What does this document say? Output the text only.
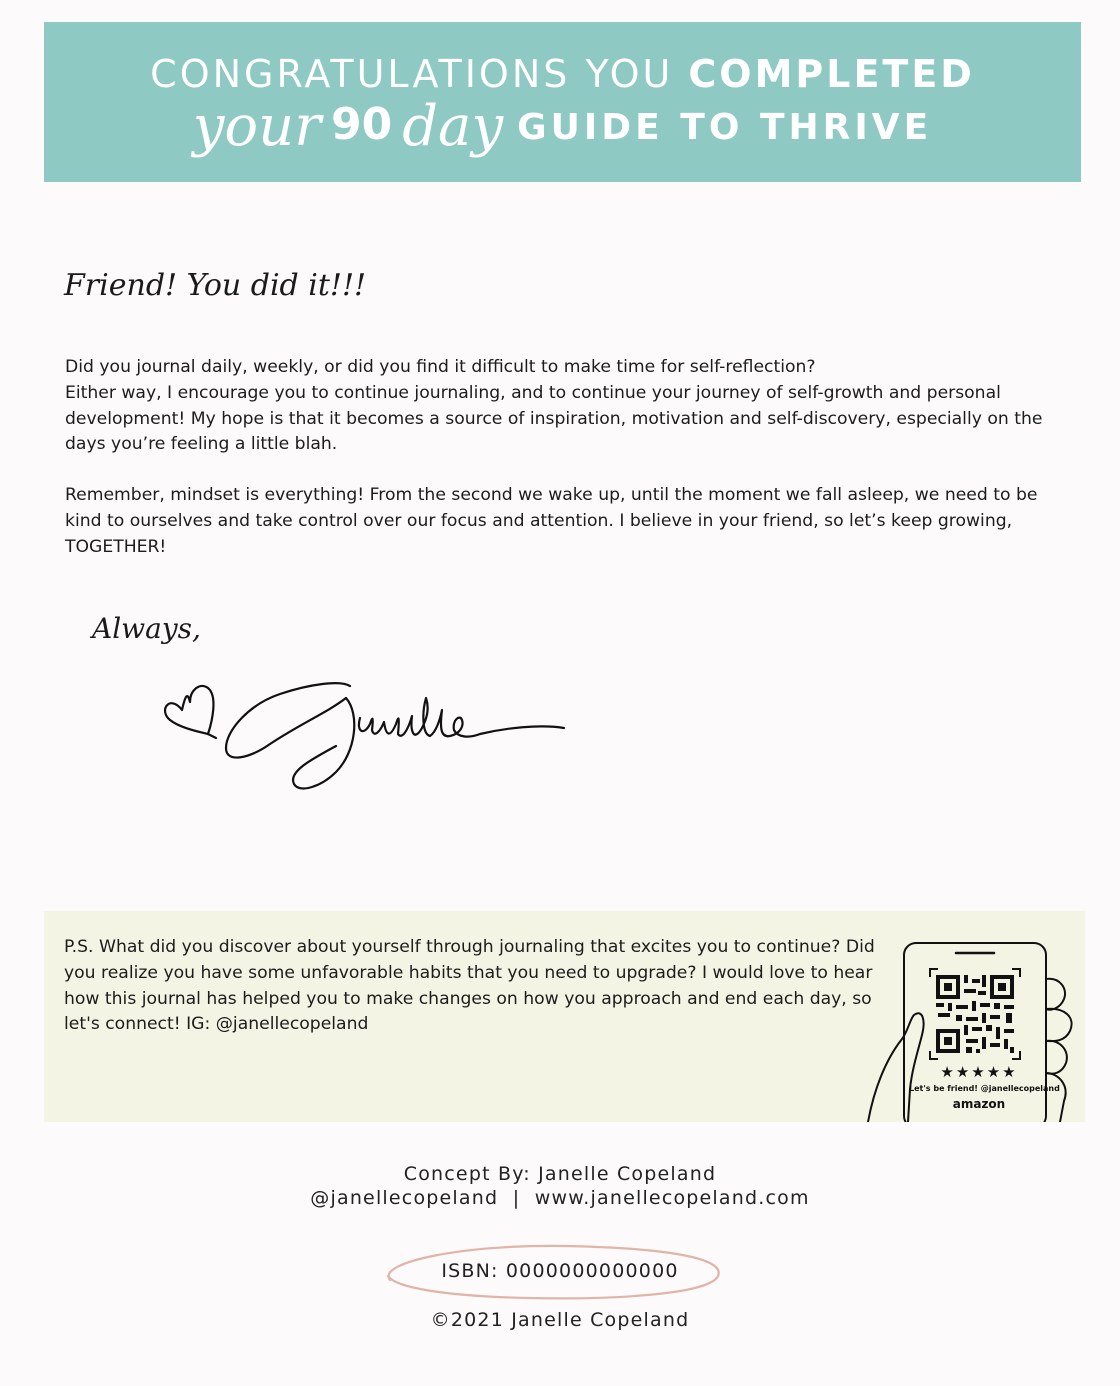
CONGRATULATIONS YOU COMPLETED
your 90 day GUIDE TO THRIVE
Friend! You did it!!!

Did you journal daily, weekly, or did you find it difficult to make time for self-reflection?
Either way, I encourage you to continue journaling, and to continue your journey of self-growth and personal development! My hope is that it becomes a source of inspiration, motivation and self-discovery, especially on the days you’re feeling a little blah.

Remember, mindset is everything! From the second we wake up, until the moment we fall asleep, we need to be kind to ourselves and take control over our focus and attention. I believe in your friend, so let’s keep growing, TOGETHER!

Always,

P.S. What did you discover about yourself through journaling that excites you to continue? Did you realize you have some unfavorable habits that you need to upgrade? I would love to hear how this journal has helped you to make changes on how you approach and end each day, so let's connect! IG: @janellecopeland

★★★★★
Let's be friend! @janellecopeland
amazon
Concept By: Janelle Copeland
@janellecopeland  |  www.janellecopeland.com
ISBN: 0000000000000
©2021 Janelle Copeland
